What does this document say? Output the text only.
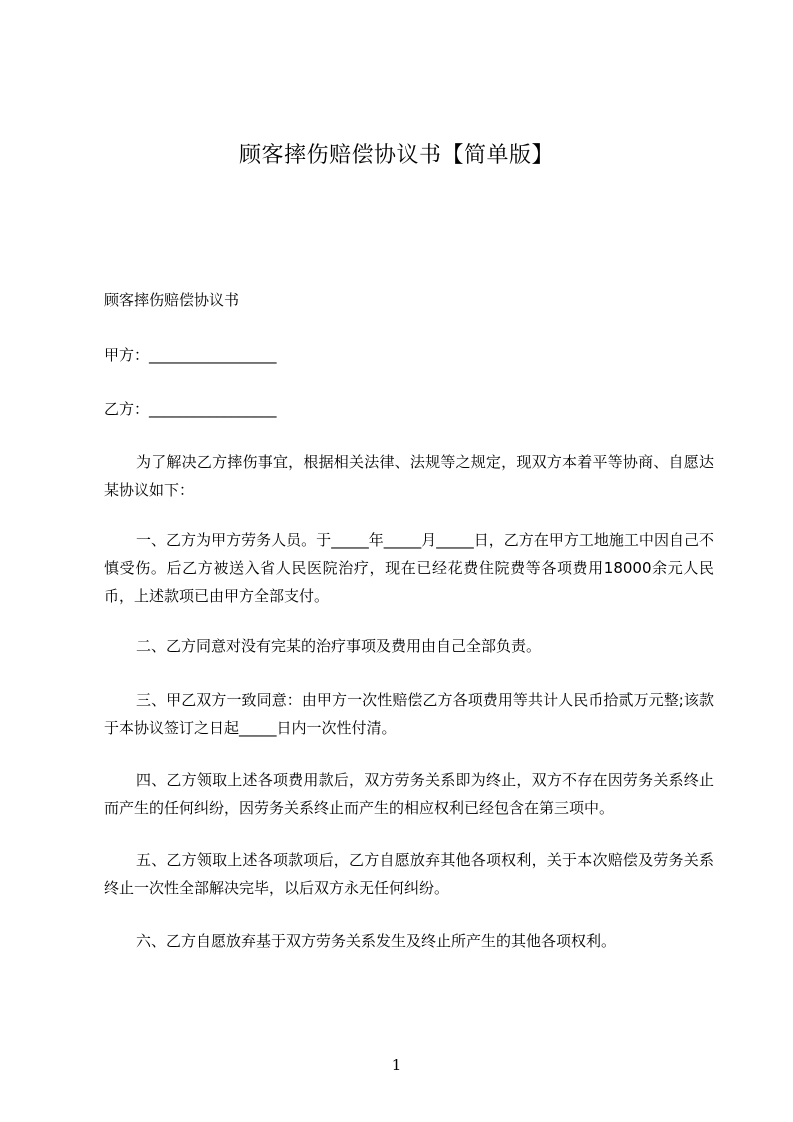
顾客摔伤赔偿协议书【简单版】
顾客摔伤赔偿协议书
甲方：_________________
乙方：_________________
为了解决乙方摔伤事宜，根据相关法律、法规等之规定，现双方本着平等协商、自愿达某协议如下：
一、乙方为甲方劳务人员。于_____年_____月_____日，乙方在甲方工地施工中因自己不慎受伤。后乙方被送入省人民医院治疗，现在已经花费住院费等各项费用18000余元人民币，上述款项已由甲方全部支付。
二、乙方同意对没有完某的治疗事项及费用由自己全部负责。
三、甲乙双方一致同意：由甲方一次性赔偿乙方各项费用等共计人民币拾贰万元整;该款于本协议签订之日起_____日内一次性付清。
四、乙方领取上述各项费用款后，双方劳务关系即为终止，双方不存在因劳务关系终止而产生的任何纠纷，因劳务关系终止而产生的相应权利已经包含在第三项中。
五、乙方领取上述各项款项后，乙方自愿放弃其他各项权利，关于本次赔偿及劳务关系终止一次性全部解决完毕，以后双方永无任何纠纷。
六、乙方自愿放弃基于双方劳务关系发生及终止所产生的其他各项权利。
1
